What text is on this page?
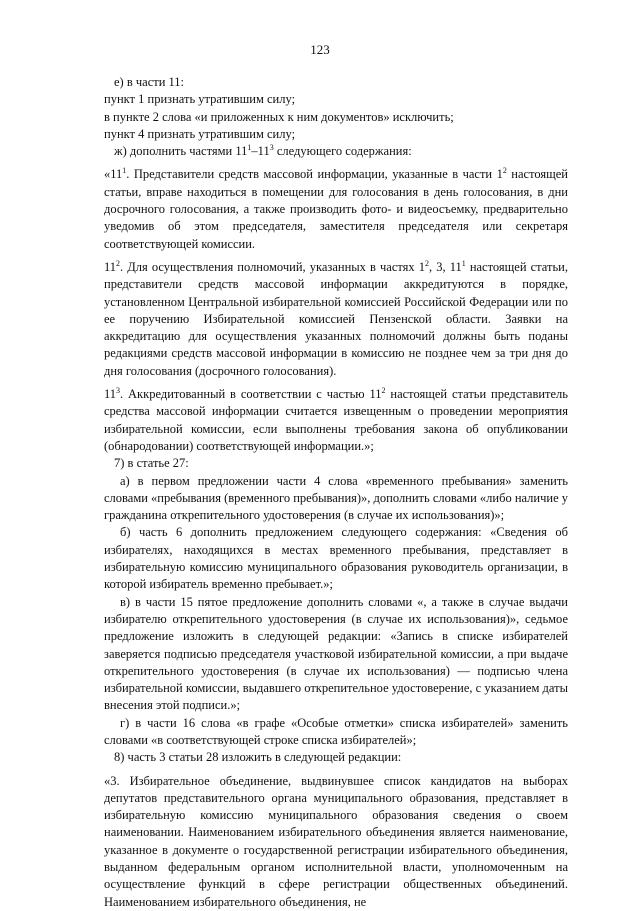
123

е) в части 11:

пункт 1 признать утратившим силу;

в пункте 2 слова «и приложенных к ним документов» исключить;

пункт 4 признать утратившим силу;

ж) дополнить частями $11^1-11^3$ следующего содержания:

«$11^1$. Представители средств массовой информации, указанные в части $1^2$ настоящей статьи, вправе находиться в помещении для голосования в день голосования, в дни досрочного голосования, а также производить фото- и видеосъемку, предварительно уведомив об этом председателя, заместителя председателя или секретаря соответствующей комиссии.

$11^2$. Для осуществления полномочий, указанных в частях $1^2$, 3, $11^1$ настоящей статьи, представители средств массовой информации аккредитуются в порядке, установленном Центральной избирательной комиссией Российской Федерации или по ее поручению Избирательной комиссией Пензенской области. Заявки на аккредитацию для осуществления указанных полномочий должны быть поданы редакциями средств массовой информации в комиссию не позднее чем за три дня до дня голосования (досрочного голосования).

$11^3$. Аккредитованный в соответствии с частью $11^2$ настоящей статьи представитель средства массовой информации считается извещенным о проведении мероприятия избирательной комиссии, если выполнены требования закона об опубликовании (обнародовании) соответствующей информации.»;

7) в статье 27:

а) в первом предложении части 4 слова «временного пребывания» заменить словами «пребывания (временного пребывания)», дополнить словами «либо наличие у гражданина открепительного удостоверения (в случае их использования)»;

б) часть 6 дополнить предложением следующего содержания: «Сведения об избирателях, находящихся в местах временного пребывания, представляет в избирательную комиссию муниципального образования руководитель организации, в которой избиратель временно пребывает.»;

в) в части 15 пятое предложение дополнить словами «, а также в случае выдачи избирателю открепительного удостоверения (в случае их использования)», седьмое предложение изложить в следующей редакции: «Запись в списке избирателей заверяется подписью председателя участковой избирательной комиссии, а при выдаче открепительного удостоверения (в случае их использования) — подписью члена избирательной комиссии, выдавшего открепительное удостоверение, с указанием даты внесения этой подписи.»;

г) в части 16 слова «в графе «Особые отметки» списка избирателей» заменить словами «в соответствующей строке списка избирателей»;

8) часть 3 статьи 28 изложить в следующей редакции:

«3. Избирательное объединение, выдвинувшее список кандидатов на выборах депутатов представительного органа муниципального образования, представляет в избирательную комиссию муниципального образования сведения о своем наименовании. Наименованием избирательного объединения является наименование, указанное в документе о государственной регистрации избирательного объединения, выданном федеральным органом исполнительной власти, уполномоченным на осуществление функций в сфере регистрации общественных объединений. Наименованием избирательного объединения, не
